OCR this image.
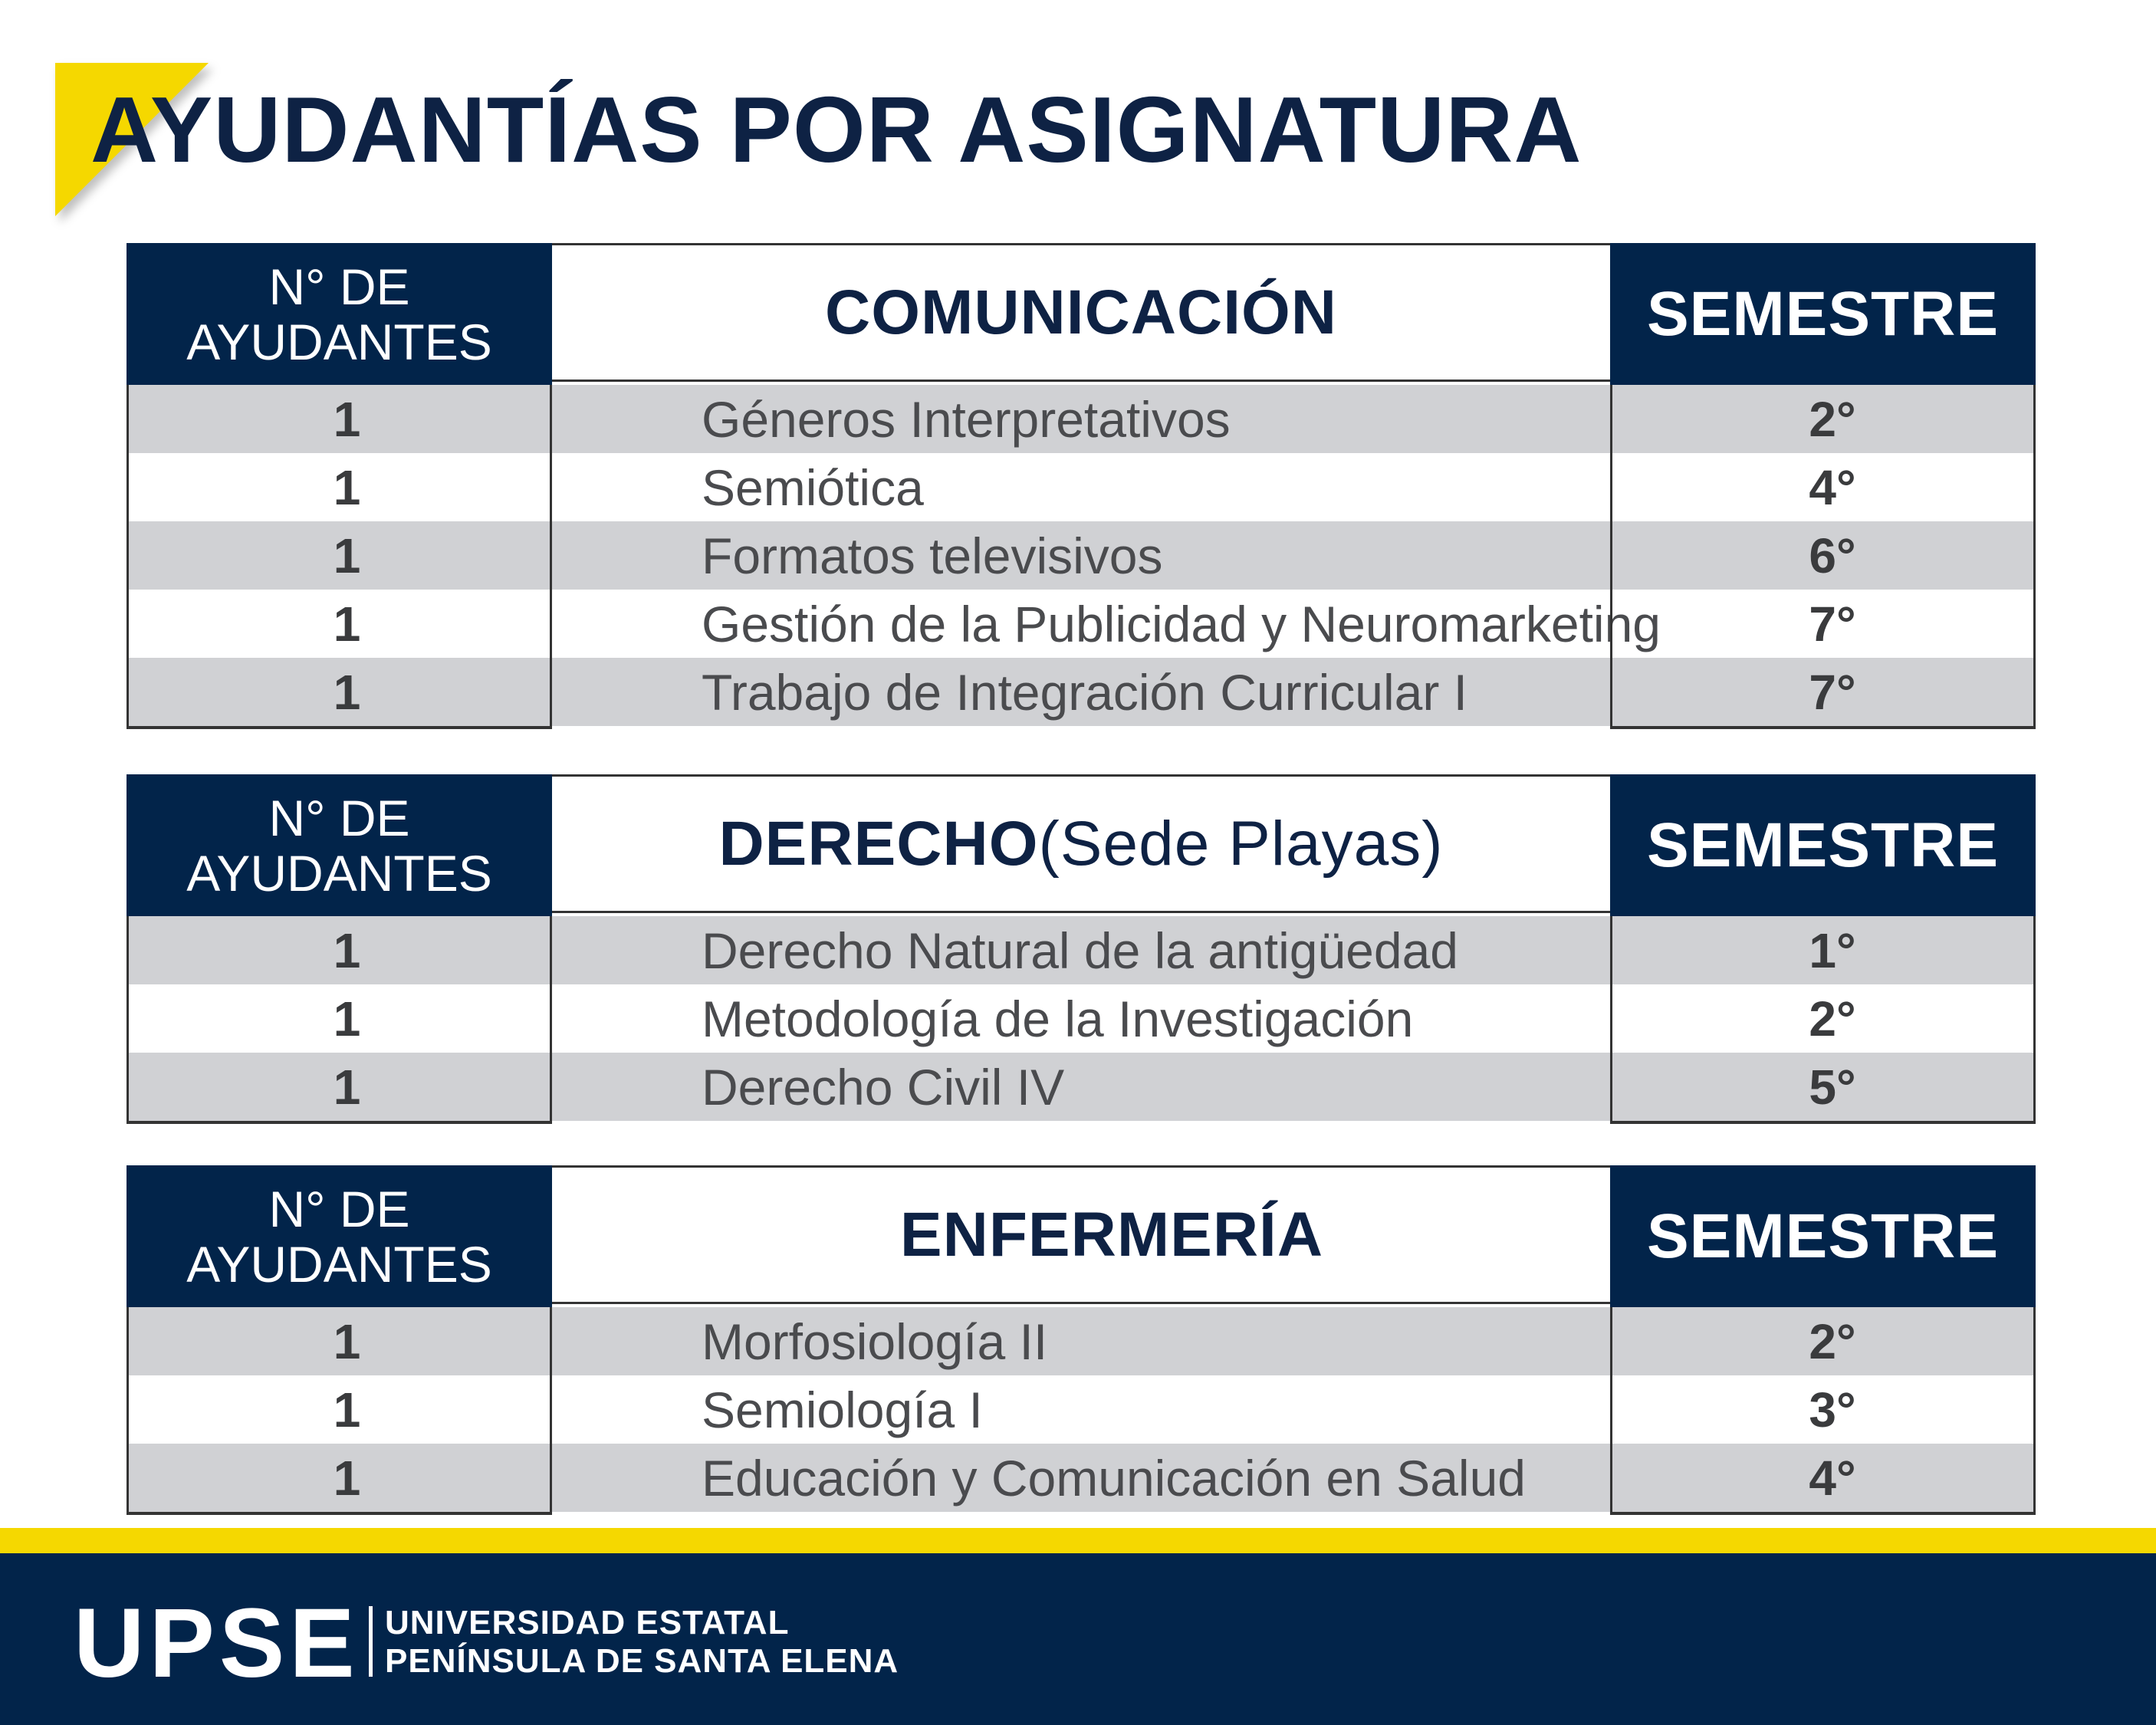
AYUDANTÍAS POR ASIGNATURA
N° DE
AYUDANTES	COMUNICACIÓN	SEMESTRE
1	Géneros Interpretativos	2°
1	Semiótica	4°
1	Formatos televisivos	6°
1	Gestión de la Publicidad y Neuromarketing	7°
1	Trabajo de Integración Curricular I	7°
N° DE
AYUDANTES	DERECHO (Sede Playas)	SEMESTRE
1	Derecho Natural de la antigüedad	1°
1	Metodología de la Investigación	2°
1	Derecho Civil IV	5°
N° DE
AYUDANTES	ENFERMERÍA	SEMESTRE
1	Morfosiología II	2°
1	Semiología I	3°
1	Educación y Comunicación en Salud	4°
UPSE UNIVERSIDAD ESTATAL
PENÍNSULA DE SANTA ELENA
